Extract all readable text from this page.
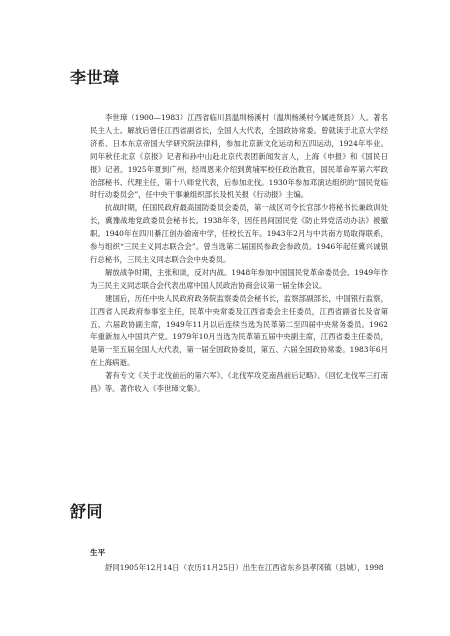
李世璋

李世璋（1900—1983）江西省临川县温圳杨溪村（温圳杨溪村今属进贤县）人。著名民主人士。解放后曾任江西省副省长，全国人大代表，全国政协常委。曾就读于北京大学经济系、日本东京帝国大学研究院法律科，参加北京新文化运动和五四运动，1924年毕业。同年秋任北京《京报》记者和孙中山赴北京代表团新闻发言人，上海《申报》和《国民日报》记者。1925年夏到广州，经周恩来介绍到黄埔军校任政治教官，国民革命军第六军政治部秘书、代理主任，第十八师党代表，后参加北伐。1930年参加邓演达组织的“国民党临时行动委员会”，任中央干事兼组织部长及机关报《行动报》主编。

抗战时期，任国民政府最高国防委员会委员，第一战区司令长官部少将秘书长兼政训处长，冀豫战地党政委员会秘书长。1938年冬，因任昌间国民党《防止异党活动办法》被撤职。1940年在四川綦江创办渝南中学，任校长五年。1943年2月与中共南方局取得联系，参与组织“三民主义同志联合会”。曾当选第二届国民参政会参政员。1946年起任冀兴诚银行总秘书，三民主义同志联合会中央委员。

解放战争时期，主张和谈，反对内战。1948年参加中国国民党革命委员会。1949年作为三民主义同志联合会代表出席中国人民政治协商会议第一届全体会议。

建国后，历任中央人民政府政务院监察委员会秘书长，监察部副部长，中国银行监察，江西省人民政府参事室主任，民革中央常委及江西省委会主任委员，江西省副省长及省第五、六届政协副主席，1949年11月以后连续当选为民革第二至四届中央常务委员。1962年重新加入中国共产党。1979年10月当选为民革第五届中央副主席，江西省委主任委员，是第一至五届全国人大代表，第一届全国政协委员，第五、六届全国政协常委。1983年6月在上海病逝。

著有专文《关于北伐前后的第六军》、《北伐军攻克南昌前后记略》、《回忆北伐军三打南昌》等。著作收入《李世璋文集》。

舒同
生平

舒同1905年12月14日（农历11月25日）出生在江西省东乡县孝冈镇（县城），1998
